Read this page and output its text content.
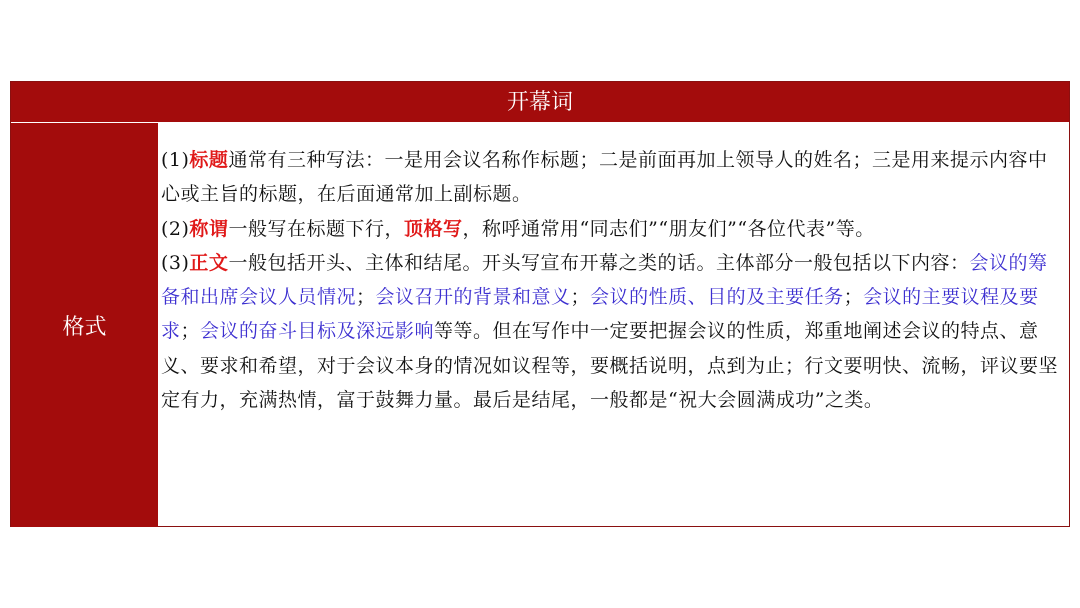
开幕词
格式

(1)标题通常有三种写法：一是用会议名称作标题；二是前面再加上领导人的姓名；三是用来提示内容中心或主旨的标题，在后面通常加上副标题。

(2)称谓一般写在标题下行，顶格写，称呼通常用“同志们”“朋友们”“各位代表”等。

(3)正文一般包括开头、主体和结尾。开头写宣布开幕之类的话。主体部分一般包括以下内容：会议的筹备和出席会议人员情况；会议召开的背景和意义；会议的性质、目的及主要任务；会议的主要议程及要求；会议的奋斗目标及深远影响等等。但在写作中一定要把握会议的性质，郑重地阐述会议的特点、意义、要求和希望，对于会议本身的情况如议程等，要概括说明，点到为止；行文要明快、流畅，评议要坚定有力，充满热情，富于鼓舞力量。最后是结尾，一般都是“祝大会圆满成功”之类。
